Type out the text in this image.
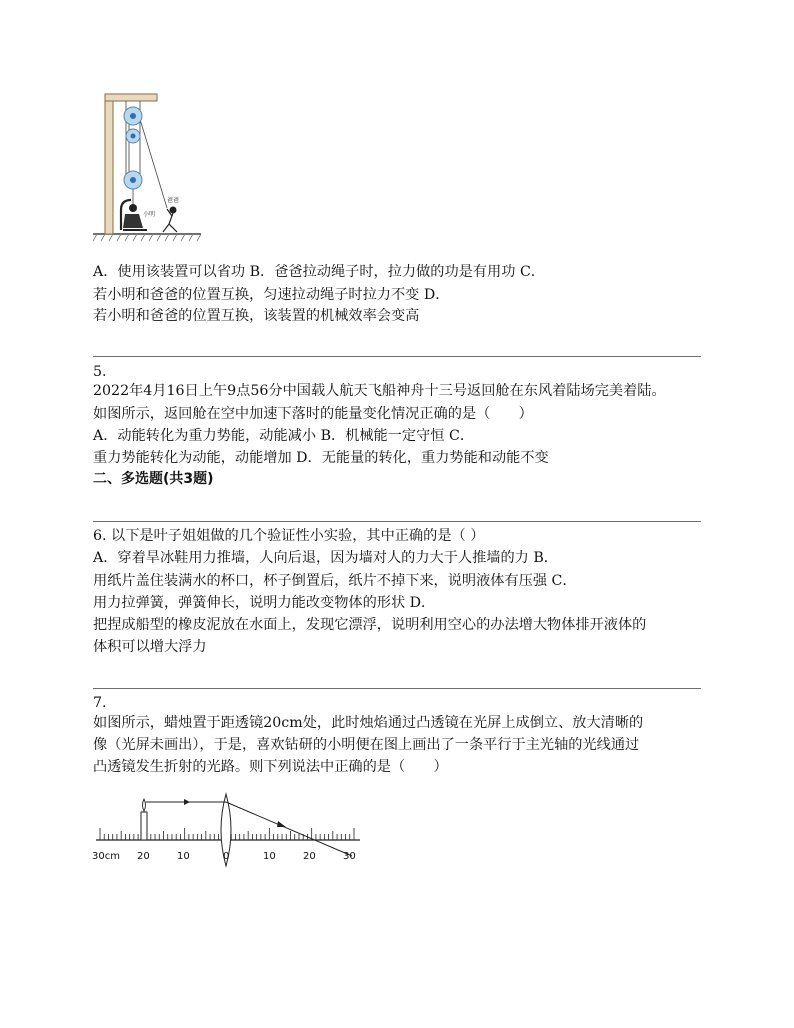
小明
爸爸
A．使用该装置可以省功 B．爸爸拉动绳子时，拉力做的功是有用功 C．
若小明和爸爸的位置互换，匀速拉动绳子时拉力不变 D．
若小明和爸爸的位置互换，该装置的机械效率会变高
5.
2022年4月16日上午9点56分中国载人航天飞船神舟十三号返回舱在东风着陆场完美着陆。
如图所示，返回舱在空中加速下落时的能量变化情况正确的是（　　）
A．动能转化为重力势能，动能减小 B．机械能一定守恒 C．
重力势能转化为动能，动能增加 D．无能量的转化，重力势能和动能不变
二、多选题(共3题)
6. 以下是叶子姐姐做的几个验证性小实验，其中正确的是（ ）
A．穿着旱冰鞋用力推墙，人向后退，因为墙对人的力大于人推墙的力 B．
用纸片盖住装满水的杯口，杯子倒置后，纸片不掉下来，说明液体有压强 C．
用力拉弹簧，弹簧伸长，说明力能改变物体的形状 D．
把捏成船型的橡皮泥放在水面上，发现它漂浮，说明利用空心的办法增大物体排开液体的
体积可以增大浮力
7.
如图所示，蜡烛置于距透镜20cm处，此时烛焰通过凸透镜在光屏上成倒立、放大清晰的
像（光屏未画出），于是，喜欢钻研的小明便在图上画出了一条平行于主光轴的光线通过
凸透镜发生折射的光路。则下列说法中正确的是（　　）
30cm 20	10	0	10	20	30
